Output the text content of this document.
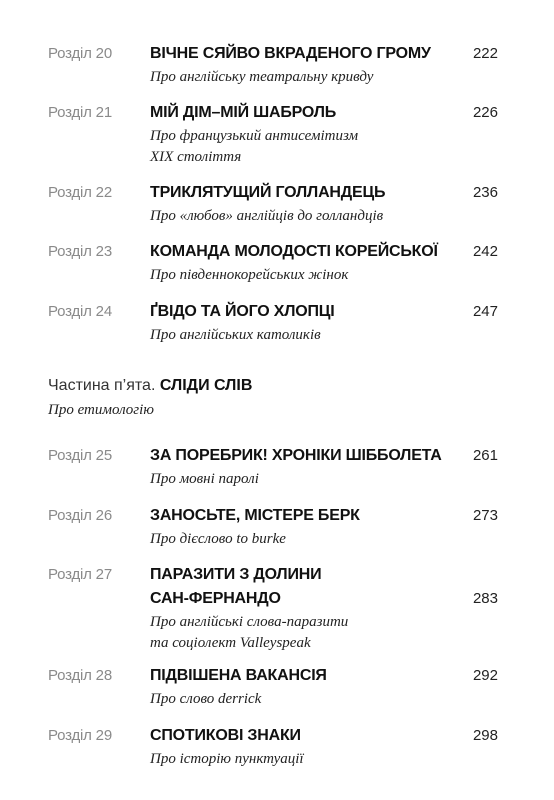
Розділ 20 ВІЧНЕ СЯЙВО ВКРАДЕНОГО ГРОМУ
Про англійську театральну кривду
222
Розділ 21 МІЙ ДІМ–МІЙ ШАБРОЛЬ
Про французький антисемітизм
XIX століття
226
Розділ 22 ТРИКЛЯТУЩИЙ ГОЛЛАНДЕЦЬ
Про «любов» англійців до голландців
236
Розділ 23 КОМАНДА МОЛОДОСТІ КОРЕЙСЬКОЇ
Про південнокорейських жінок
242
Розділ 24 ҐВІДО ТА ЙОГО ХЛОПЦІ
Про англійських католиків
247
Частина п’ята. СЛІДИ СЛІВ
Про етимологію
Розділ 25 ЗА ПОРЕБРИК! ХРОНІКИ ШІББОЛЕТА
Про мовні паролі
261
Розділ 26 ЗАНОСЬТЕ, МІСТЕРЕ БЕРК
Про дієслово to burke
273
Розділ 27 ПАРАЗИТИ З ДОЛИНИ
САН-ФЕРНАНДО
Про англійські слова-паразити
та соціолект Valleyspeak
283
Розділ 28 ПІДВІШЕНА ВАКАНСІЯ
Про слово derrick
292
Розділ 29 СПОТИКОВІ ЗНАКИ
Про історію пунктуації
298
